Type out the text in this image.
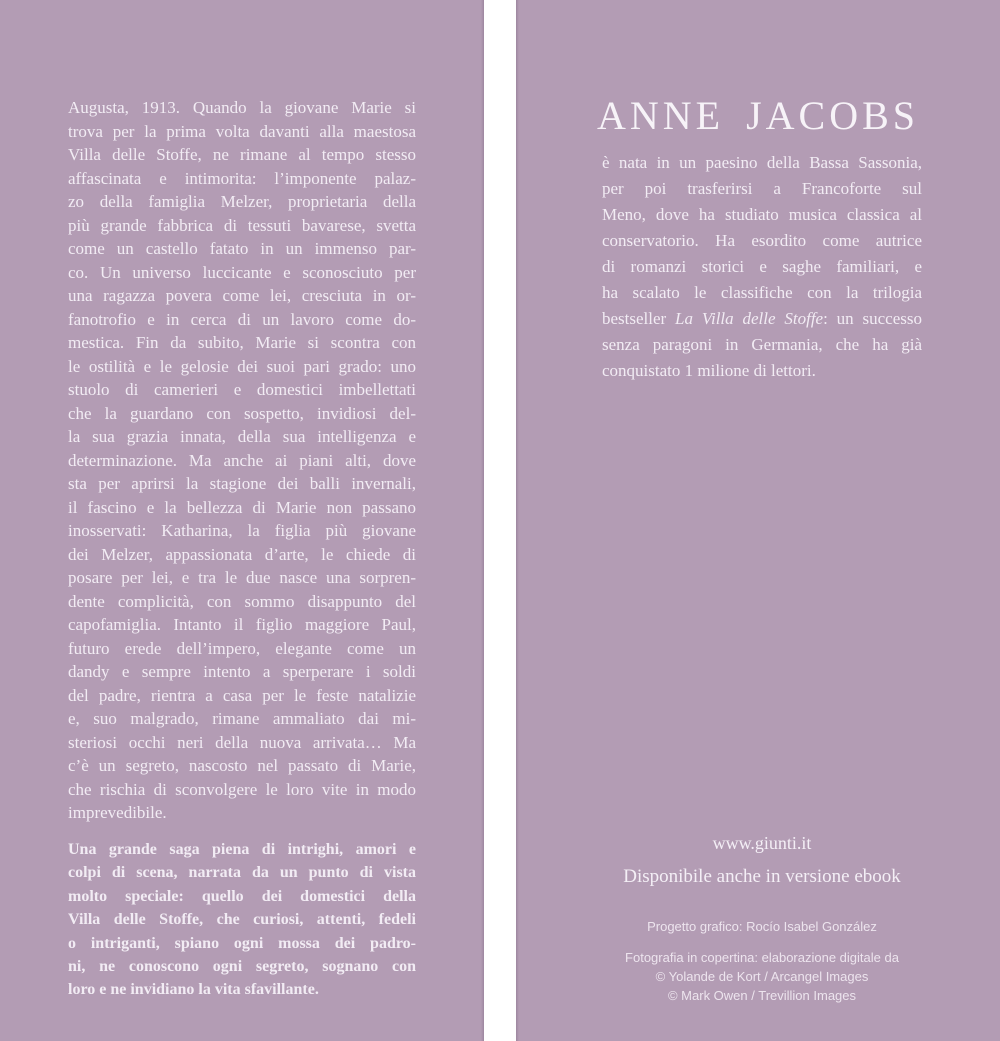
Augusta, 1913. Quando la giovane Marie si
trova per la prima volta davanti alla maestosa
Villa delle Stoffe, ne rimane al tempo stesso
affascinata e intimorita: l’imponente palaz-
zo della famiglia Melzer, proprietaria della
più grande fabbrica di tessuti bavarese, svetta
come un castello fatato in un immenso par-
co. Un universo luccicante e sconosciuto per
una ragazza povera come lei, cresciuta in or-
fanotrofio e in cerca di un lavoro come do-
mestica. Fin da subito, Marie si scontra con
le ostilità e le gelosie dei suoi pari grado: uno
stuolo di camerieri e domestici imbellettati
che la guardano con sospetto, invidiosi del-
la sua grazia innata, della sua intelligenza e
determinazione. Ma anche ai piani alti, dove
sta per aprirsi la stagione dei balli invernali,
il fascino e la bellezza di Marie non passano
inosservati: Katharina, la figlia più giovane
dei Melzer, appassionata d’arte, le chiede di
posare per lei, e tra le due nasce una sorpren-
dente complicità, con sommo disappunto del
capofamiglia. Intanto il figlio maggiore Paul,
futuro erede dell’impero, elegante come un
dandy e sempre intento a sperperare i soldi
del padre, rientra a casa per le feste natalizie
e, suo malgrado, rimane ammaliato dai mi-
steriosi occhi neri della nuova arrivata… Ma
c’è un segreto, nascosto nel passato di Marie,
che rischia di sconvolgere le loro vite in modo
imprevedibile.
Una grande saga piena di intrighi, amori e
colpi di scena, narrata da un punto di vista
molto speciale: quello dei domestici della
Villa delle Stoffe, che curiosi, attenti, fedeli
o intriganti, spiano ogni mossa dei padro-
ni, ne conoscono ogni segreto, sognano con
loro e ne invidiano la vita sfavillante.
ANNE JACOBS
è nata in un paesino della Bassa Sassonia,
per poi trasferirsi a Francoforte sul
Meno, dove ha studiato musica classica al
conservatorio. Ha esordito come autrice
di romanzi storici e saghe familiari, e
ha scalato le classifiche con la trilogia
bestseller La Villa delle Stoffe: un successo
senza paragoni in Germania, che ha già
conquistato 1 milione di lettori.
www.giunti.it
Disponibile anche in versione ebook
Progetto grafico: Rocío Isabel González
Fotografia in copertina: elaborazione digitale da
© Yolande de Kort / Arcangel Images
© Mark Owen / Trevillion Images
